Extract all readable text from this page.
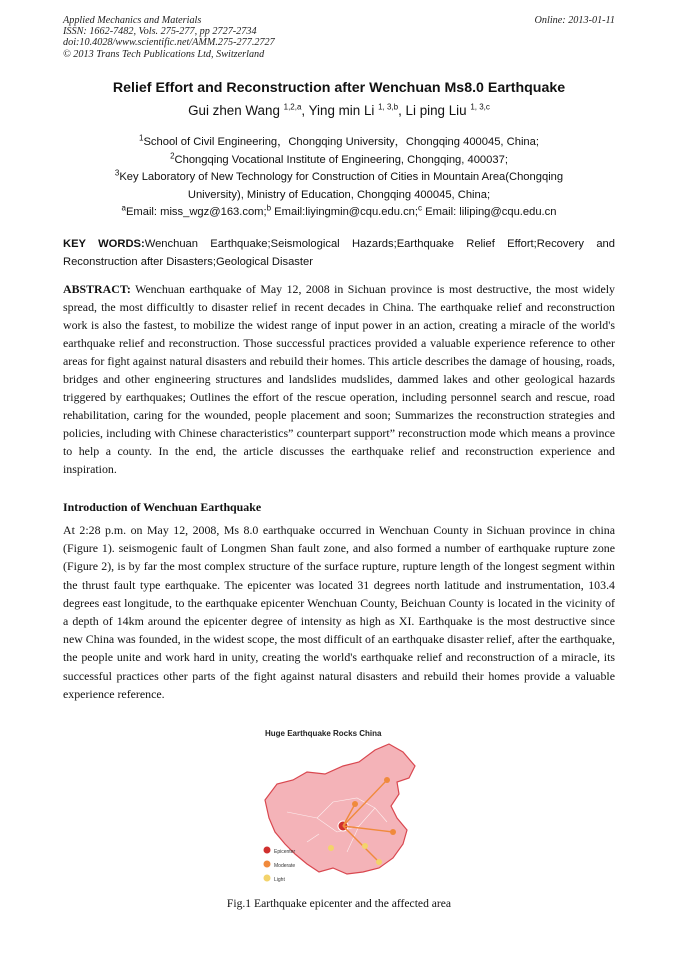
Applied Mechanics and Materials
ISSN: 1662-7482, Vols. 275-277, pp 2727-2734
doi:10.4028/www.scientific.net/AMM.275-277.2727
© 2013 Trans Tech Publications Ltd, Switzerland
Online: 2013-01-11
Relief Effort and Reconstruction after Wenchuan Ms8.0 Earthquake
Gui zhen Wang $^{1,2,a}$, Ying min Li $^{1, 3,b}$, Li ping Liu $^{1, 3,c}$
$^1$School of Civil Engineering，Chongqing University，Chongqing 400045, China;
$^2$Chongqing Vocational Institute of Engineering, Chongqing, 400037;
$^3$Key Laboratory of New Technology for Construction of Cities in Mountain Area(Chongqing
University), Ministry of Education, Chongqing 400045, China;
$^a$Email: miss_wgz@163.com;$^b$ Email:liyingmin@cqu.edu.cn;$^c$ Email: liliping@cqu.edu.cn
KEY WORDS:Wenchuan Earthquake;Seismological Hazards;Earthquake Relief Effort;Recovery and Reconstruction after Disasters;Geological Disaster
ABSTRACT: Wenchuan earthquake of May 12, 2008 in Sichuan province is most destructive, the most widely spread, the most difficultly to disaster relief in recent decades in China. The earthquake relief and reconstruction work is also the fastest, to mobilize the widest range of input power in an action, creating a miracle of the world's earthquake relief and reconstruction. Those successful practices provided a valuable experience reference to other areas for fight against natural disasters and rebuild their homes. This article describes the damage of housing, roads, bridges and other engineering structures and landslides mudslides, dammed lakes and other geological hazards triggered by earthquakes; Outlines the effort of the rescue operation, including personnel search and rescue, road rehabilitation, caring for the wounded, people placement and soon; Summarizes the reconstruction strategies and policies, including with Chinese characteristics” counterpart support” reconstruction mode which means a province to help a county. In the end, the article discusses the earthquake relief and reconstruction experience and inspiration.
Introduction of Wenchuan Earthquake
At 2:28 p.m. on May 12, 2008, Ms 8.0 earthquake occurred in Wenchuan County in Sichuan province in china (Figure 1). seismogenic fault of Longmen Shan fault zone, and also formed a number of earthquake rupture zone (Figure 2), is by far the most complex structure of the surface rupture, rupture length of the longest segment within the thrust fault type earthquake. The epicenter was located 31 degrees north latitude and instrumentation, 103.4 degrees east longitude, to the earthquake epicenter Wenchuan County, Beichuan County is located in the vicinity of a depth of 14km around the epicenter degree of intensity as high as XI. Earthquake is the most destructive since new China was founded, in the widest scope, the most difficult of an earthquake disaster relief, after the earthquake, the people unite and work hard in unity, creating the world's earthquake relief and reconstruction of a miracle, its successful practices other parts of the fight against natural disasters and rebuild their homes provide a valuable experience reference.
Huge Earthquake Rocks China
Epicenter
Moderate
Light
Fig.1 Earthquake epicenter and the affected area
